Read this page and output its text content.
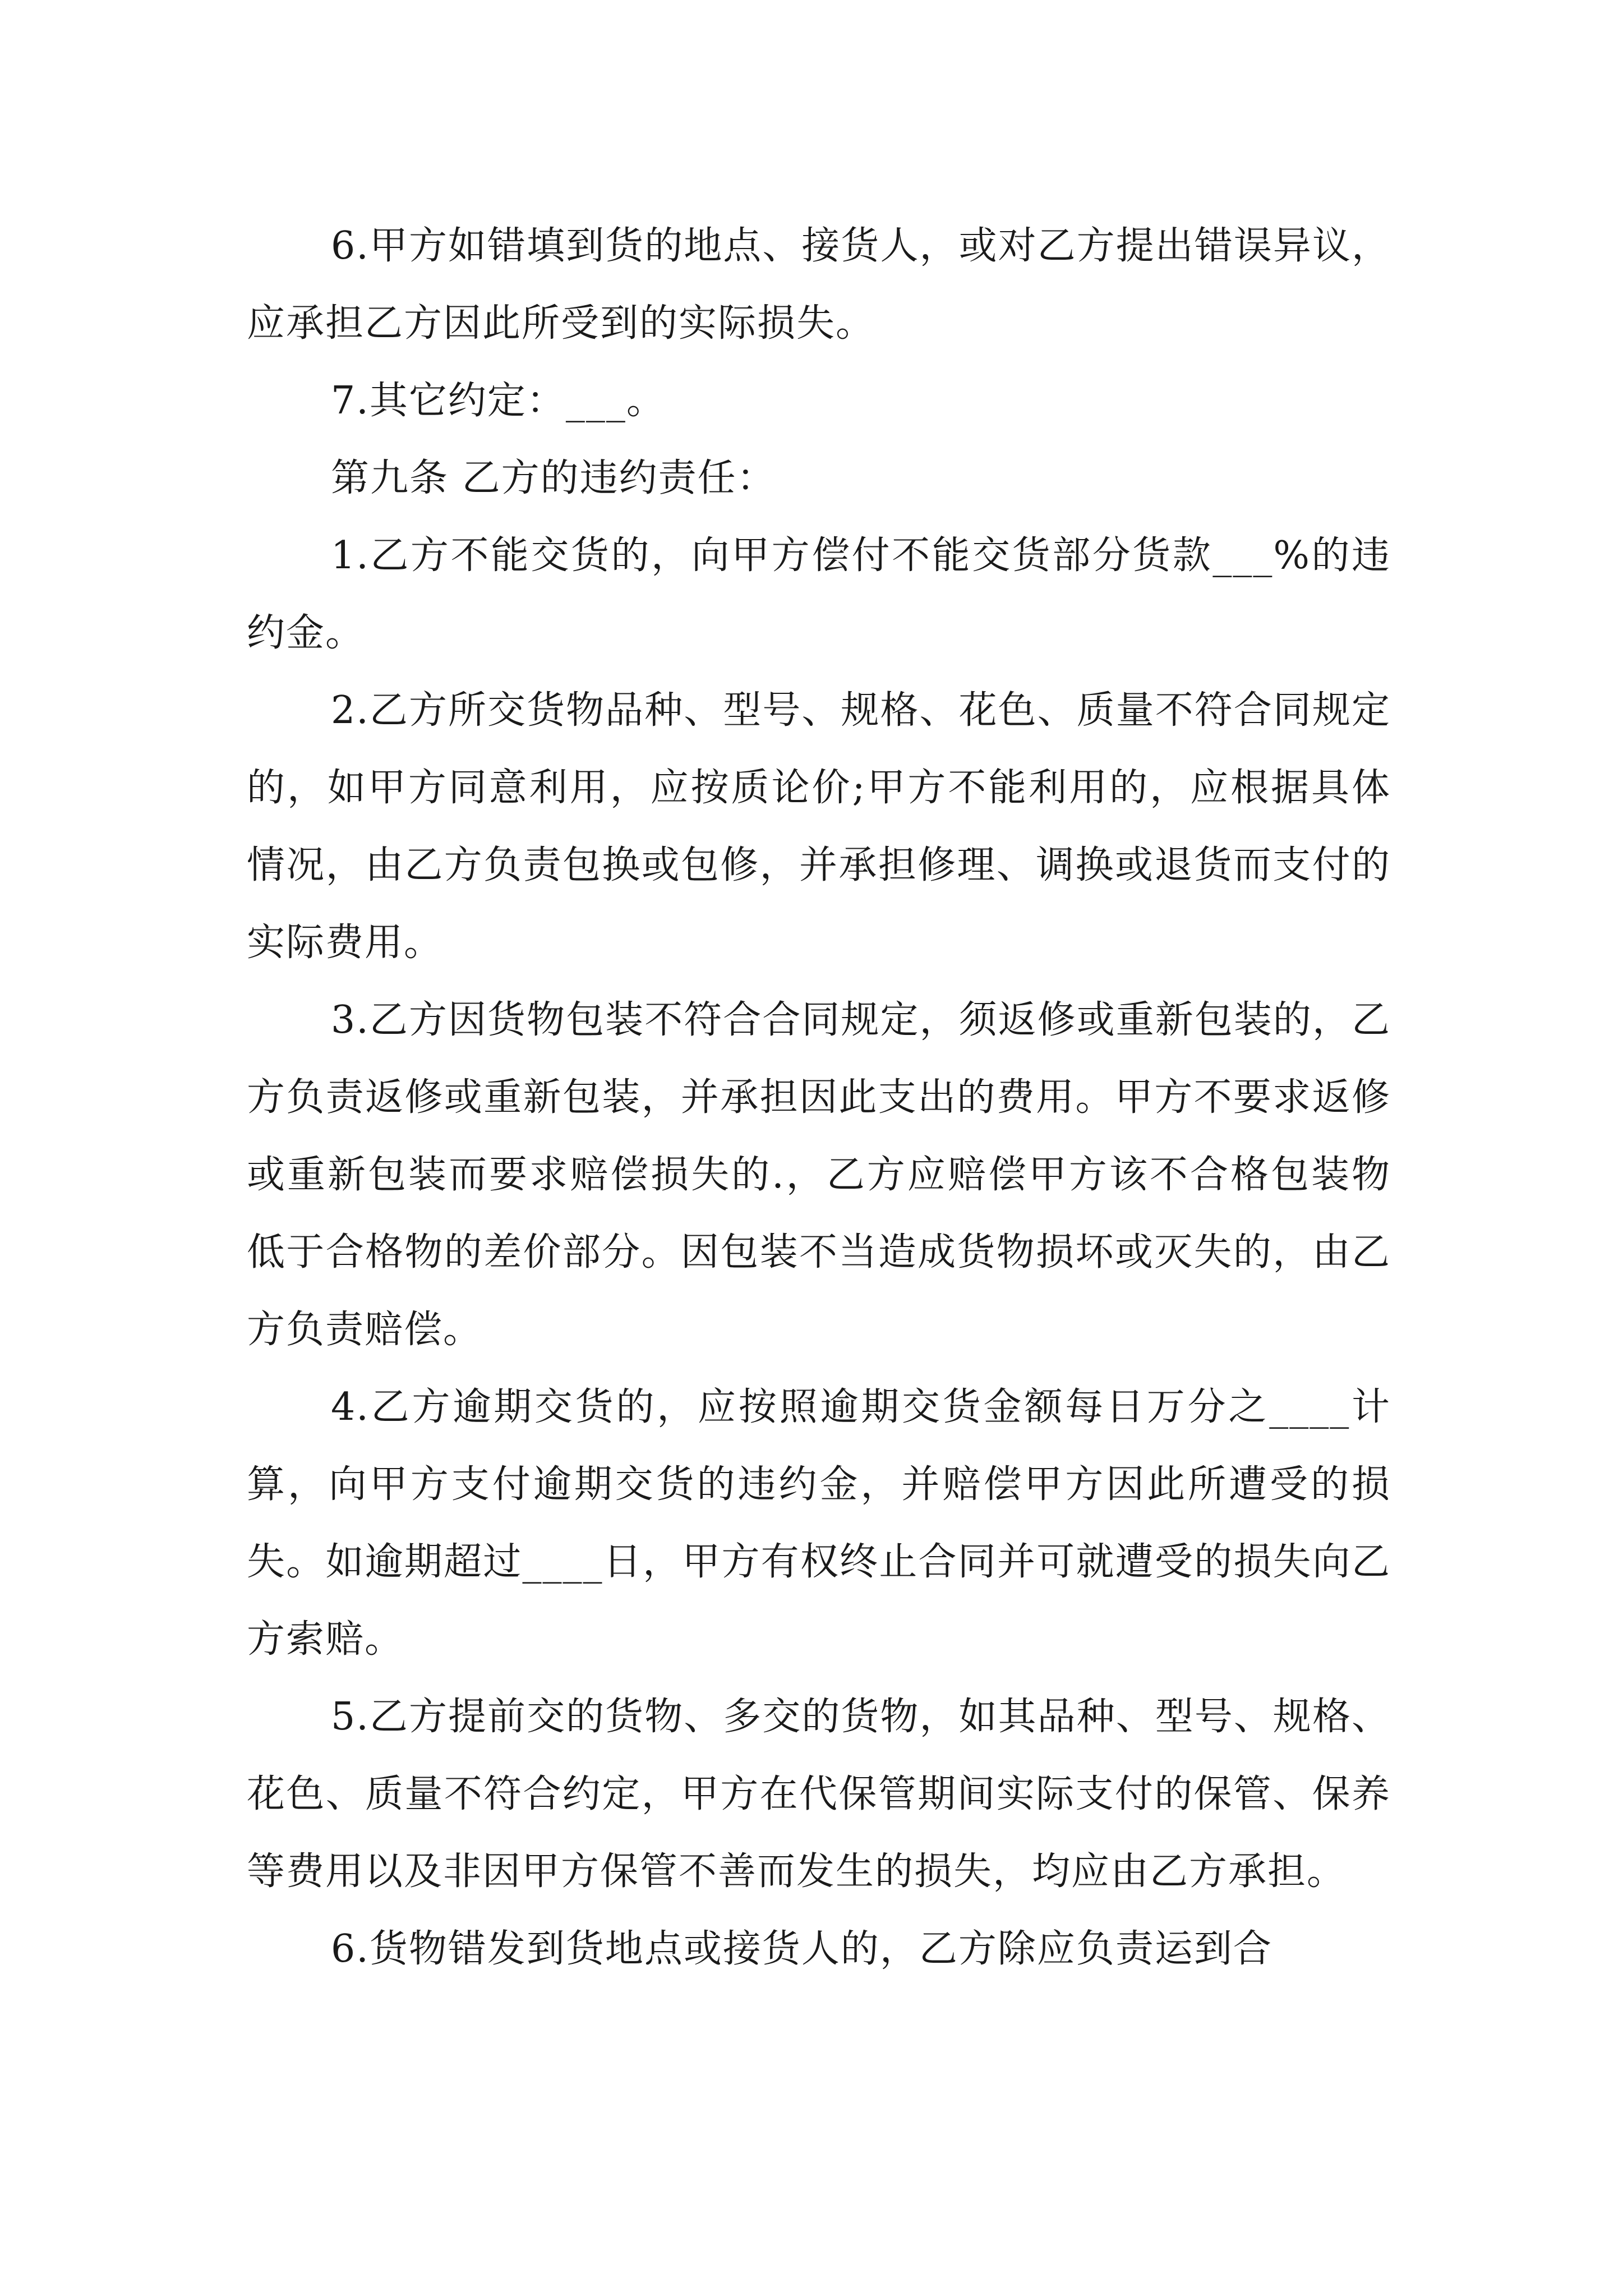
6.甲方如错填到货的地点、接货人，或对乙方提出错误异议，应承担乙方因此所受到的实际损失。

7.其它约定：___。

第九条 乙方的违约责任：

1.乙方不能交货的，向甲方偿付不能交货部分货款___%的违约金。

2.乙方所交货物品种、型号、规格、花色、质量不符合同规定的，如甲方同意利用，应按质论价;甲方不能利用的，应根据具体情况，由乙方负责包换或包修，并承担修理、调换或退货而支付的实际费用。

3.乙方因货物包装不符合合同规定，须返修或重新包装的，乙方负责返修或重新包装，并承担因此支出的费用。甲方不要求返修或重新包装而要求赔偿损失的.，乙方应赔偿甲方该不合格包装物低于合格物的差价部分。因包装不当造成货物损坏或灭失的，由乙方负责赔偿。

4.乙方逾期交货的，应按照逾期交货金额每日万分之____计算，向甲方支付逾期交货的违约金，并赔偿甲方因此所遭受的损失。如逾期超过____日，甲方有权终止合同并可就遭受的损失向乙方索赔。

5.乙方提前交的货物、多交的货物，如其品种、型号、规格、花色、质量不符合约定，甲方在代保管期间实际支付的保管、保养等费用以及非因甲方保管不善而发生的损失，均应由乙方承担。

6.货物错发到货地点或接货人的，乙方除应负责运到合
